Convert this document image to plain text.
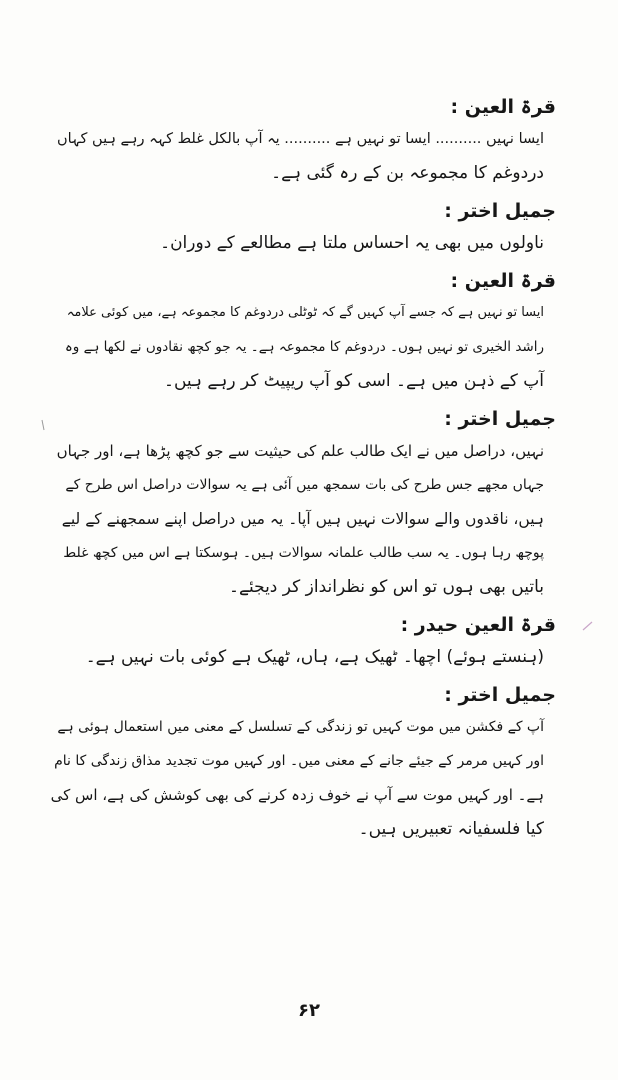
قرۃ العین :
ایسا نہیں .......... ایسا تو نہیں ہے .......... یہ آپ بالکل غلط کہہ رہے ہیں کہاں
دردوغم کا مجموعہ بن کے رہ گئی ہے۔
جمیل اختر :
ناولوں میں بھی یہ احساس ملتا ہے مطالعے کے دوران۔
قرۃ العین :
ایسا تو نہیں ہے کہ جسے آپ کہیں گے کہ ٹوٹلی دردوغم کا مجموعہ ہے، میں کوئی علامہ
راشد الخیری تو نہیں ہوں۔ دردوغم کا مجموعہ ہے۔ یہ جو کچھ نقادوں نے لکھا ہے وہ
آپ کے ذہن میں ہے۔ اسی کو آپ ریپیٹ کر رہے ہیں۔
جمیل اختر :
نہیں، دراصل میں نے ایک طالب علم کی حیثیت سے جو کچھ پڑھا ہے، اور جہاں
جہاں مجھے جس طرح کی بات سمجھ میں آئی ہے یہ سوالات دراصل اس طرح کے
ہیں، ناقدوں والے سوالات نہیں ہیں آپا۔ یہ میں دراصل اپنے سمجھنے کے لیے
پوچھ رہا ہوں۔ یہ سب طالب علمانہ سوالات ہیں۔ ہوسکتا ہے اس میں کچھ غلط
باتیں بھی ہوں تو اس کو نظرانداز کر دیجئے۔
قرۃ العین حیدر :
(ہنستے ہوئے) اچھا۔ ٹھیک ہے، ہاں، ٹھیک ہے کوئی بات نہیں ہے۔
جمیل اختر :
آپ کے فکشن میں موت کہیں تو زندگی کے تسلسل کے معنی میں استعمال ہوئی ہے
اور کہیں مرمر کے جیئے جانے کے معنی میں۔ اور کہیں موت تجدید مذاق زندگی کا نام
ہے۔ اور کہیں موت سے آپ نے خوف زدہ کرنے کی بھی کوشش کی ہے، اس کی
کیا فلسفیانہ تعبیریں ہیں۔
۶۲
